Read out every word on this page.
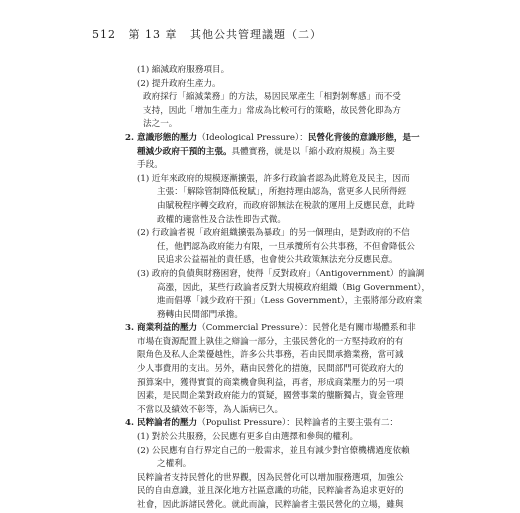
512 第 13 章 其他公共管理議題（二）
(1) 縮減政府服務項目。
(2) 提升政府生產力。
政府採行「縮減業務」的方法，易因民眾產生「相對剝奪感」而不受
支持，因此「增加生產力」常成為比較可行的策略，故民營化即為方
法之一。
2. 意識形態的壓力（Ideological Pressure）：民營化背後的意識形態，是一
種減少政府干預的主張。具體實務，就是以「縮小政府規模」為主要
手段。
(1) 近年來政府的規模逐漸擴張，許多行政論者認為此將危及民主，因而
主張：「解除管制降低稅賦」，所抱持理由認為，當更多人民所得經
由賦稅程序轉交政府，而政府卻無法在稅款的運用上反應民意，此時
政權的適當性及合法性即告式微。
(2) 行政論者視「政府組織擴張為暴政」的另一個理由，是對政府的不信
任，他們認為政府能力有限，一旦承攬所有公共事務，不但會降低公
民追求公益福祉的責任感，也會使公共政策無法充分反應民意。
(3) 政府的負債與財務困窘，使得「反對政府」（Antigovernment）的論調
高漲，因此，某些行政論者反對大規模政府組織（Big Government），
進而倡導「減少政府干預」（Less Government），主張將部分政府業
務轉由民間部門承擔。
3. 商業利益的壓力（Commercial Pressure）：民營化是有關市場體系和非
市場在資源配置上孰佳之辯論一部分，主張民營化的一方堅持政府的有
限角色及私人企業優越性，許多公共事務，若由民間承擔業務，當可減
少人事費用的支出。另外，藉由民營化的措施，民間部門可從政府大的
預算案中，獲得實質的商業機會與利益，再者，形成商業壓力的另一項
因素，是民間企業對政府能力的質疑，國營事業的壟斷獨占，資金管理
不當以及績效不彰等，為人詬病已久。
4. 民粹論者的壓力（Populist Pressure）：民粹論者的主要主張有二：
(1) 對於公共服務，公民應有更多自由選擇和參與的權利。
(2) 公民應有自行界定自己的一般需求，並且有減少對官僚機構過度依賴
之權利。
民粹論者支持民營化的世界觀，因為民營化可以增加服務選項，加強公
民的自由意識，並且深化地方社區意識的功能，民粹論者為追求更好的
社會，因此訴諸民營化。就此而論，民粹論者主張民營化的立場，雖與
